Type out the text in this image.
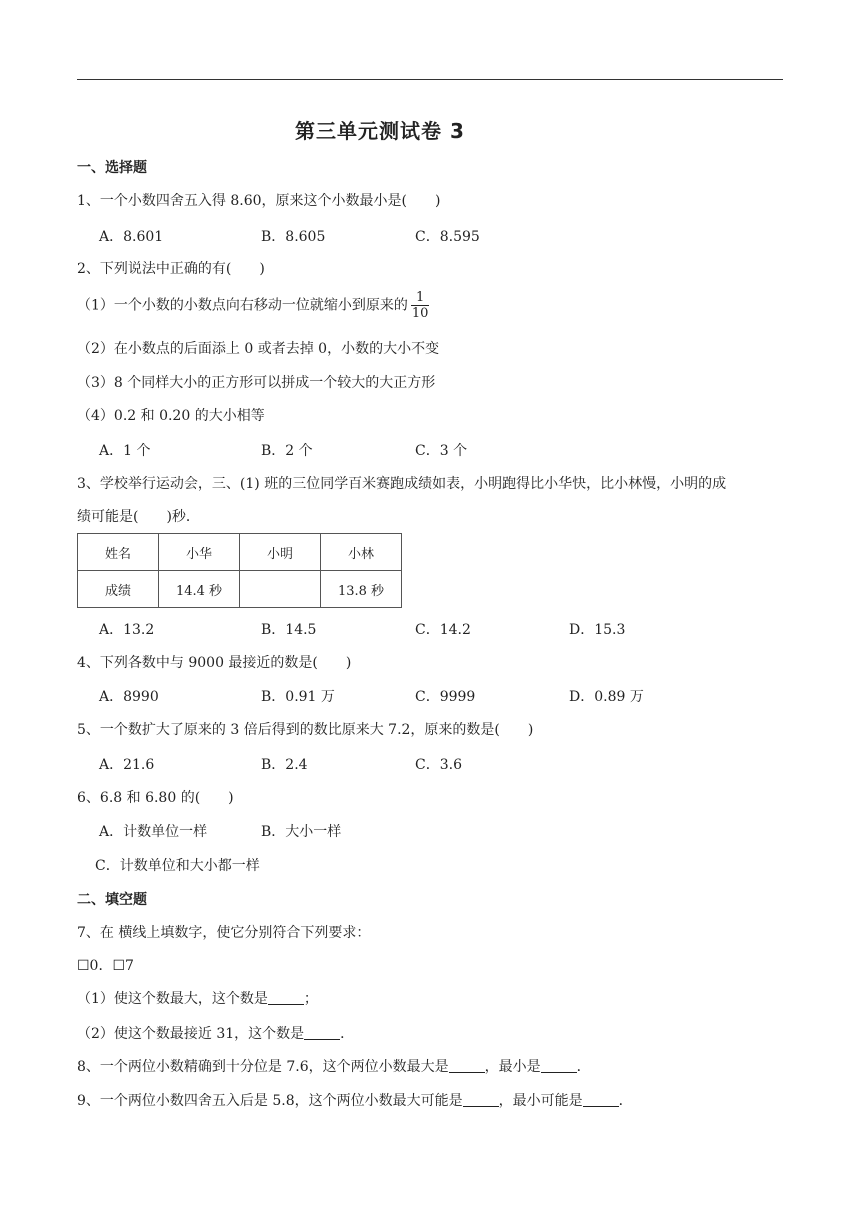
第三单元测试卷 3
一、选择题
1、一个小数四舍五入得 8.60，原来这个小数最小是(　　)
A．8.601	B．8.605	C．8.595
2、下列说法中正确的有(　　)
（1）一个小数的小数点向右移动一位就缩小到原来的 $\frac{1}{10}$
（2）在小数点的后面添上 0 或者去掉 0，小数的大小不变
（3）8 个同样大小的正方形可以拼成一个较大的大正方形
（4）0.2 和 0.20 的大小相等
A．1 个	B．2 个	C．3 个
3、学校举行运动会，三、(1) 班的三位同学百米赛跑成绩如表，小明跑得比小华快，比小林慢，小明的成
绩可能是(　　)秒．
姓名	小华	小明	小林
成绩	14.4 秒		13.8 秒
A．13.2	B．14.5	C．14.2	D．15.3
4、下列各数中与 9000 最接近的数是(　　)
A．8990	B．0.91 万	C．9999	D．0.89 万
5、一个数扩大了原来的 3 倍后得到的数比原来大 7.2，原来的数是(　　)
A．21.6	B．2.4	C．3.6
6、6.8 和 6.80 的(　　)
A．计数单位一样	B．大小一样
C．计数单位和大小都一样
二、填空题
7、在 横线上填数字，使它分别符合下列要求：
☐0．☐7
（1）使这个数最大，这个数是	；
（2）使这个数最接近 31，这个数是	．
8、一个两位小数精确到十分位是 7.6，这个两位小数最大是	，最小是	．
9、一个两位小数四舍五入后是 5.8，这个两位小数最大可能是	，最小可能是	．
